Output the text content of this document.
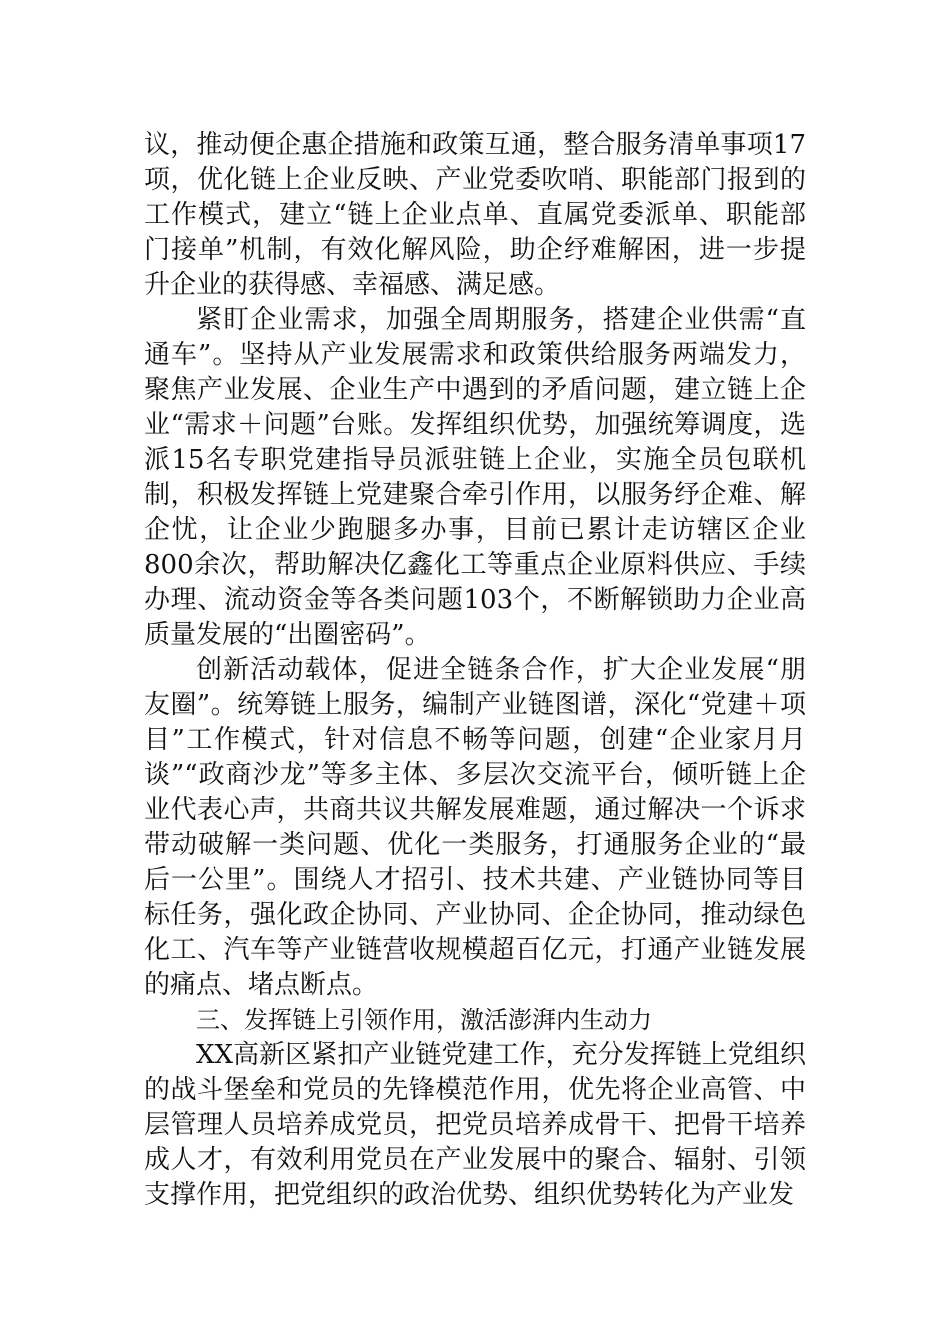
议，推动便企惠企措施和政策互通，整合服务清单事项17项，优化链上企业反映、产业党委吹哨、职能部门报到的工作模式，建立“链上企业点单、直属党委派单、职能部门接单”机制，有效化解风险，助企纾难解困，进一步提升企业的获得感、幸福感、满足感。

紧盯企业需求，加强全周期服务，搭建企业供需“直通车”。坚持从产业发展需求和政策供给服务两端发力，聚焦产业发展、企业生产中遇到的矛盾问题，建立链上企业“需求＋问题”台账。发挥组织优势，加强统筹调度，选派15名专职党建指导员派驻链上企业，实施全员包联机制，积极发挥链上党建聚合牵引作用，以服务纾企难、解企忧，让企业少跑腿多办事，目前已累计走访辖区企业800余次，帮助解决亿鑫化工等重点企业原料供应、手续办理、流动资金等各类问题103个，不断解锁助力企业高质量发展的“出圈密码”。

创新活动载体，促进全链条合作，扩大企业发展“朋友圈”。统筹链上服务，编制产业链图谱，深化“党建＋项目”工作模式，针对信息不畅等问题，创建“企业家月月谈”“政商沙龙”等多主体、多层次交流平台，倾听链上企业代表心声，共商共议共解发展难题，通过解决一个诉求带动破解一类问题、优化一类服务，打通服务企业的“最后一公里”。围绕人才招引、技术共建、产业链协同等目标任务，强化政企协同、产业协同、企企协同，推动绿色化工、汽车等产业链营收规模超百亿元，打通产业链发展的痛点、堵点断点。

三、发挥链上引领作用，激活澎湃内生动力

XX高新区紧扣产业链党建工作，充分发挥链上党组织的战斗堡垒和党员的先锋模范作用，优先将企业高管、中层管理人员培养成党员，把党员培养成骨干、把骨干培养成人才，有效利用党员在产业发展中的聚合、辐射、引领支撑作用，把党组织的政治优势、组织优势转化为产业发
